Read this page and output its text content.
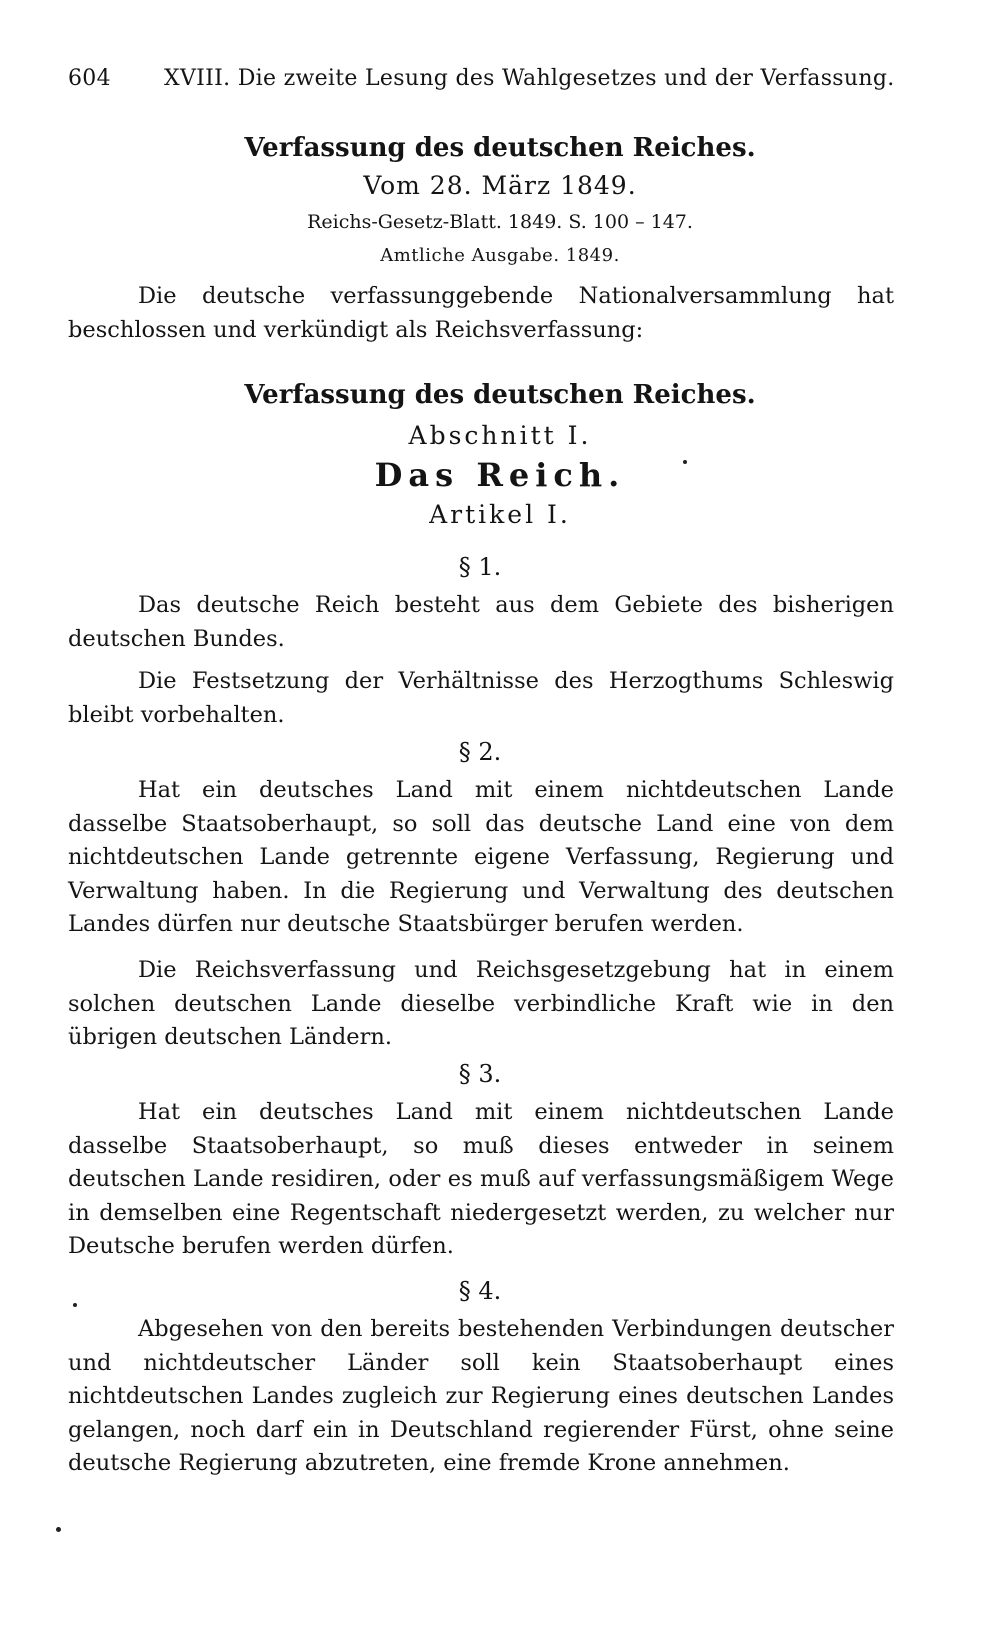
604 XVIII. Die zweite Lesung des Wahlgesetzes und der Verfassung.
Verfassung des deutschen Reiches.
Vom 28. März 1849.
Reichs-Gesetz-Blatt. 1849. S. 100 – 147.
Amtliche Ausgabe. 1849.

Die deutsche verfassunggebende Nationalversammlung hat beschlossen und verkündigt als Reichsverfassung:

Verfassung des deutschen Reiches.
Abschnitt I.
Das Reich.
Artikel I.
§ 1.

Das deutsche Reich besteht aus dem Gebiete des bisherigen deutschen Bundes.

Die Festsetzung der Verhältnisse des Herzogthums Schleswig bleibt vorbehalten.

§ 2.

Hat ein deutsches Land mit einem nichtdeutschen Lande dasselbe Staatsoberhaupt, so soll das deutsche Land eine von dem nichtdeutschen Lande getrennte eigene Verfassung, Regierung und Verwaltung haben. In die Regierung und Verwaltung des deutschen Landes dürfen nur deutsche Staatsbürger berufen werden.

Die Reichsverfassung und Reichsgesetzgebung hat in einem solchen deutschen Lande dieselbe verbindliche Kraft wie in den übrigen deutschen Ländern.

§ 3.

Hat ein deutsches Land mit einem nichtdeutschen Lande dasselbe Staatsoberhaupt, so muß dieses entweder in seinem deutschen Lande residiren, oder es muß auf verfassungsmäßigem Wege in demselben eine Regentschaft niedergesetzt werden, zu welcher nur Deutsche berufen werden dürfen.

§ 4.

Abgesehen von den bereits bestehenden Verbindungen deutscher und nichtdeutscher Länder soll kein Staatsoberhaupt eines nichtdeutschen Landes zugleich zur Regierung eines deutschen Landes gelangen, noch darf ein in Deutschland regierender Fürst, ohne seine deutsche Regierung abzutreten, eine fremde Krone annehmen.
